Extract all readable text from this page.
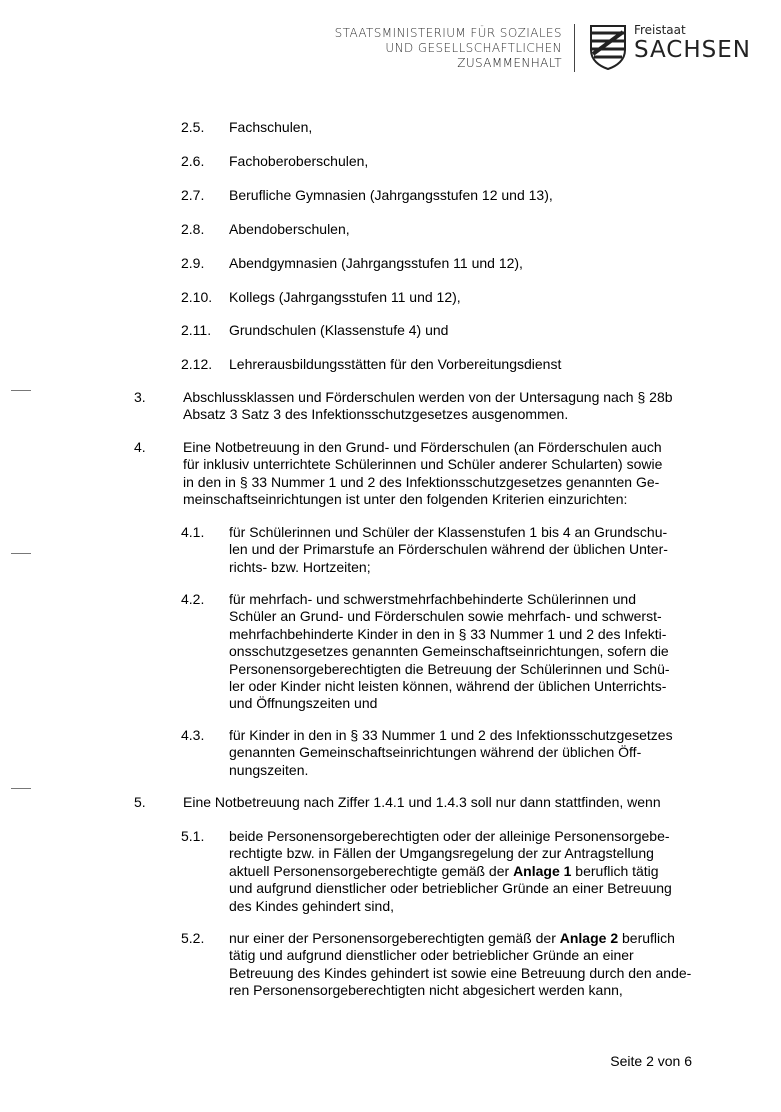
STAATSMINISTERIUM FÜR SOZIALES
UND GESELLSCHAFTLICHEN
ZUSAMMENHALT
Freistaat
SACHSEN
2.5. Fachschulen,
2.6. Fachoberoberschulen,
2.7. Berufliche Gymnasien (Jahrgangsstufen 12 und 13),
2.8. Abendoberschulen,
2.9. Abendgymnasien (Jahrgangsstufen 11 und 12),
2.10. Kollegs (Jahrgangsstufen 11 und 12),
2.11. Grundschulen (Klassenstufe 4) und
2.12. Lehrerausbildungsstätten für den Vorbereitungsdienst
3.	Abschlussklassen und Förderschulen werden von der Untersagung nach § 28b
Absatz 3 Satz 3 des Infektionsschutzgesetzes ausgenommen.
4.	Eine Notbetreuung in den Grund- und Förderschulen (an Förderschulen auch
für inklusiv unterrichtete Schülerinnen und Schüler anderer Schularten) sowie
in den in § 33 Nummer 1 und 2 des Infektionsschutzgesetzes genannten Ge-
meinschaftseinrichtungen ist unter den folgenden Kriterien einzurichten:
4.1. für Schülerinnen und Schüler der Klassenstufen 1 bis 4 an Grundschu-
len und der Primarstufe an Förderschulen während der üblichen Unter-
richts- bzw. Hortzeiten;
4.2. für mehrfach- und schwerstmehrfachbehinderte Schülerinnen und
Schüler an Grund- und Förderschulen sowie mehrfach- und schwerst-
mehrfachbehinderte Kinder in den in § 33 Nummer 1 und 2 des Infekti-
onsschutzgesetzes genannten Gemeinschaftseinrichtungen, sofern die
Personensorgeberechtigten die Betreuung der Schülerinnen und Schü-
ler oder Kinder nicht leisten können, während der üblichen Unterrichts-
und Öffnungszeiten und
4.3. für Kinder in den in § 33 Nummer 1 und 2 des Infektionsschutzgesetzes
genannten Gemeinschaftseinrichtungen während der üblichen Öff-
nungszeiten.
5.	Eine Notbetreuung nach Ziffer 1.4.1 und 1.4.3 soll nur dann stattfinden, wenn
5.1. beide Personensorgeberechtigten oder der alleinige Personensorgebe-
rechtigte bzw. in Fällen der Umgangsregelung der zur Antragstellung
aktuell Personensorgeberechtigte gemäß der Anlage 1 beruflich tätig
und aufgrund dienstlicher oder betrieblicher Gründe an einer Betreuung
des Kindes gehindert sind,
5.2. nur einer der Personensorgeberechtigten gemäß der Anlage 2 beruflich
tätig und aufgrund dienstlicher oder betrieblicher Gründe an einer
Betreuung des Kindes gehindert ist sowie eine Betreuung durch den ande-
ren Personensorgeberechtigten nicht abgesichert werden kann,
Seite 2 von 6
